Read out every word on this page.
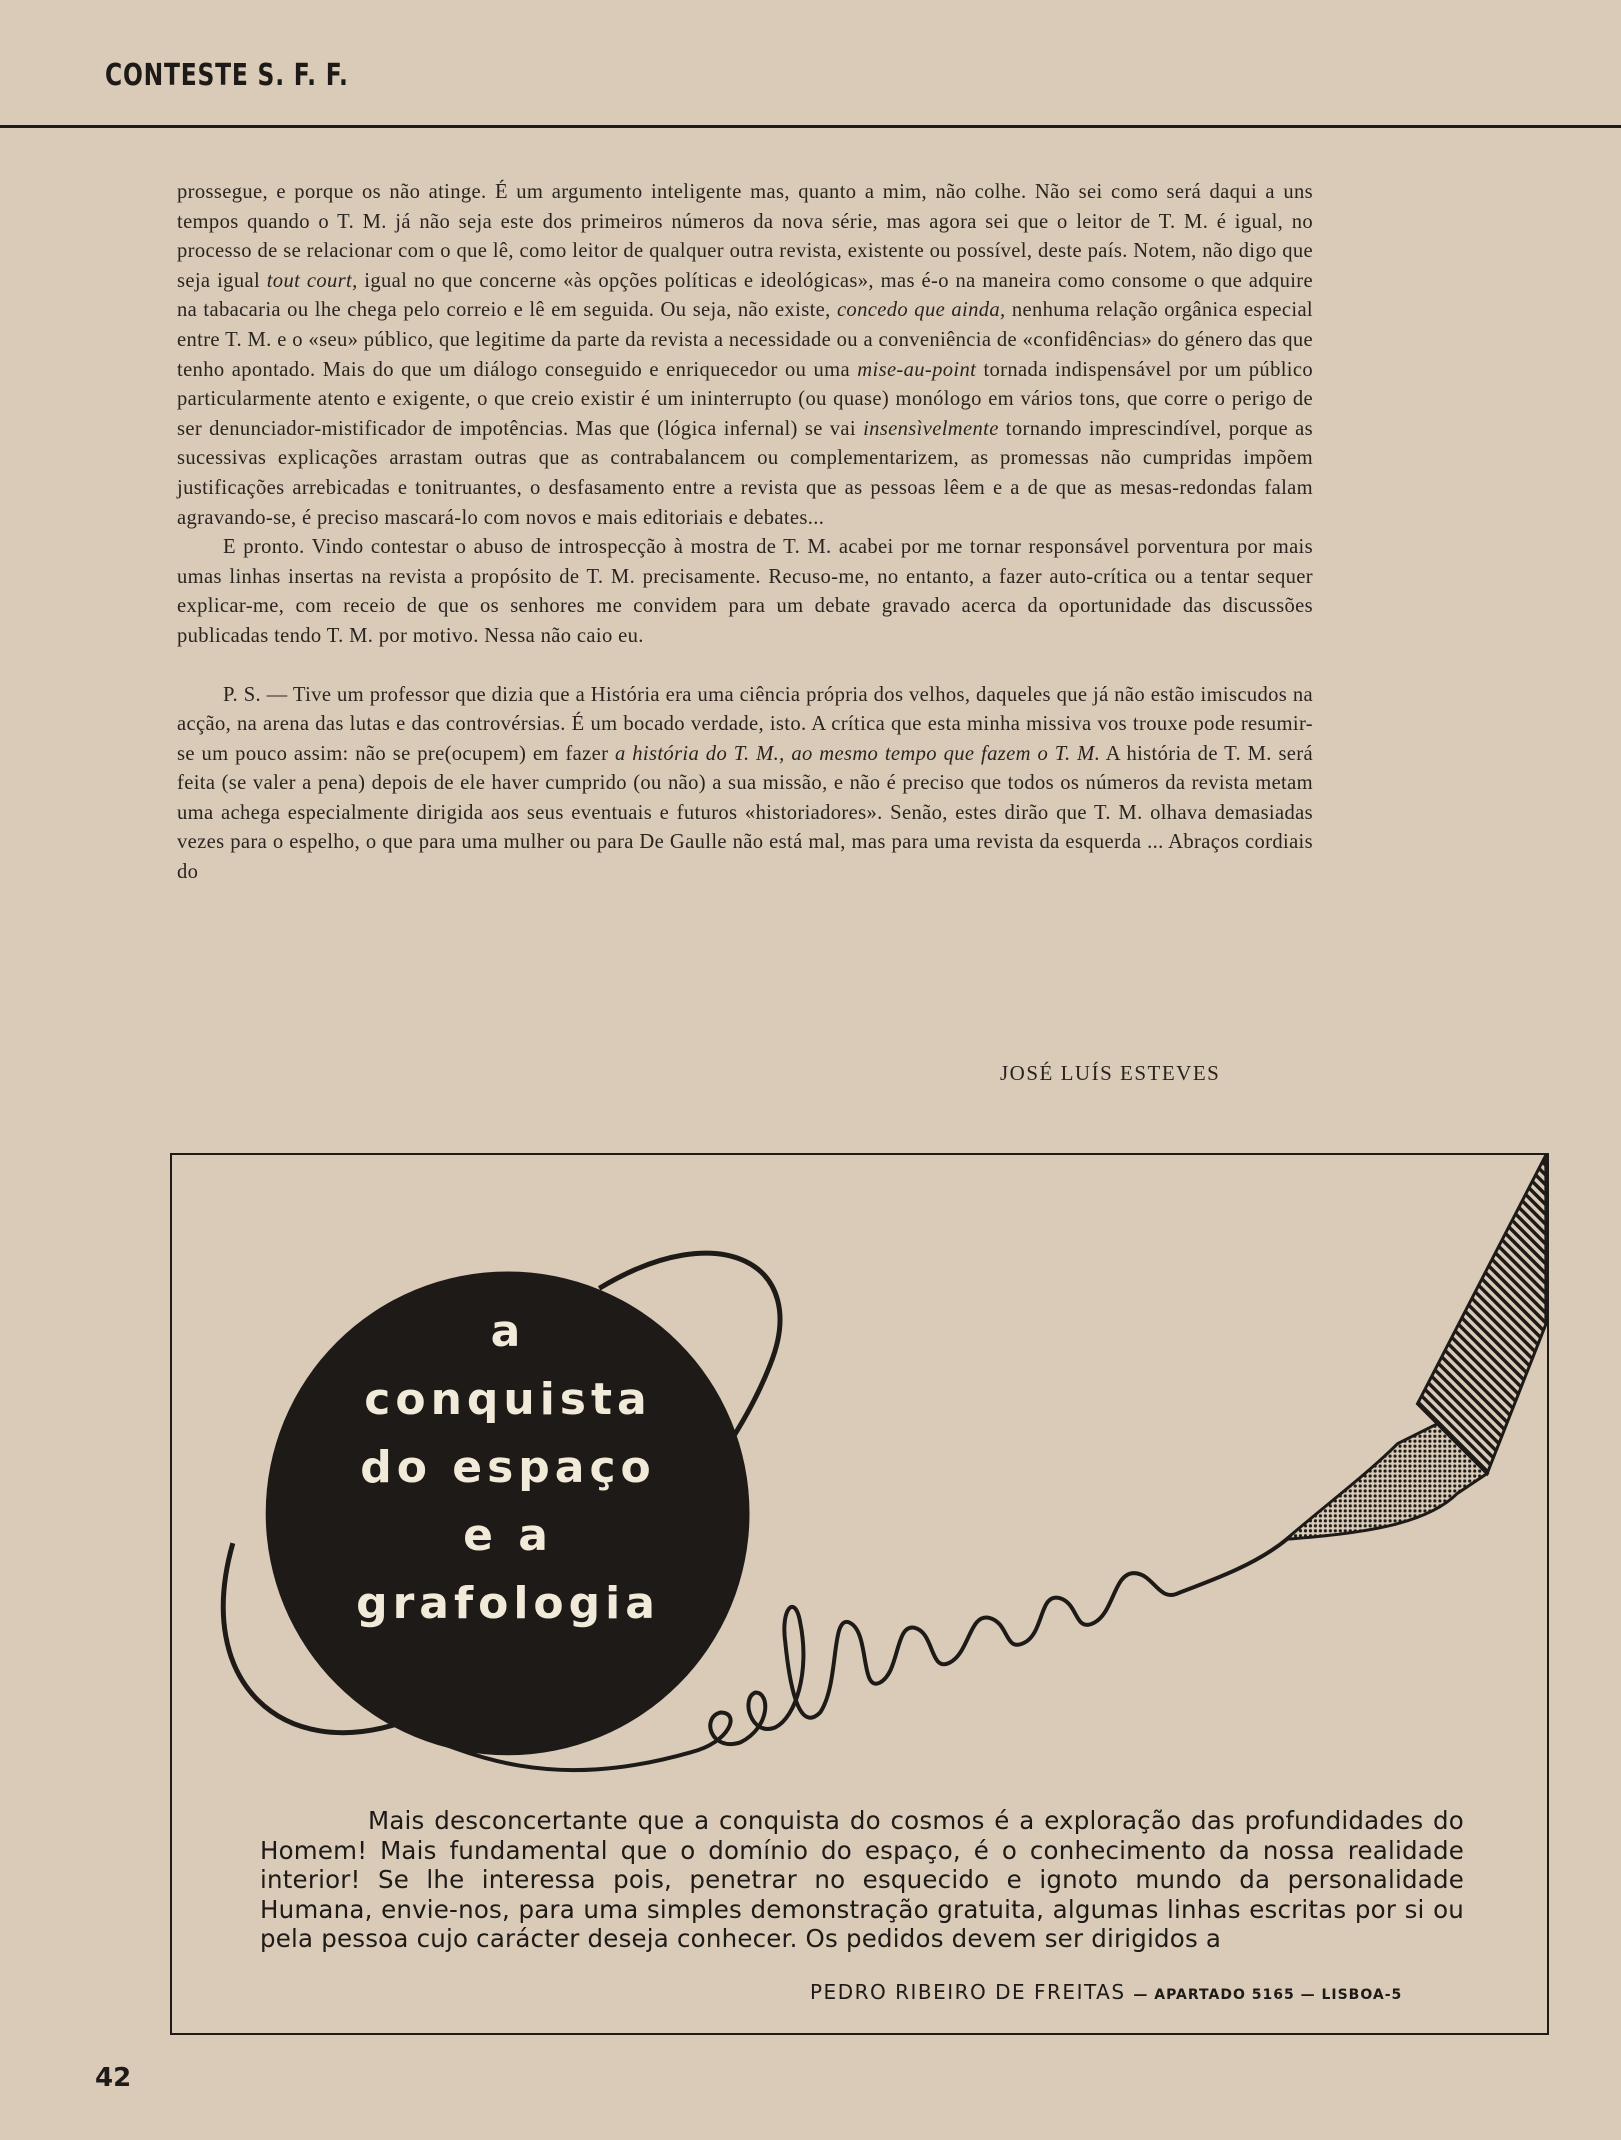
CONTESTE S. F. F.

prossegue, e porque os não atinge. É um argumento inteligente mas, quanto a mim, não colhe. Não sei como será daqui a uns tempos quando o T. M. já não seja este dos primeiros números da nova série, mas agora sei que o leitor de T. M. é igual, no processo de se relacionar com o que lê, como leitor de qualquer outra revista, existente ou possível, deste país. Notem, não digo que seja igual tout court, igual no que concerne «às opções políticas e ideológicas», mas é-o na maneira como consome o que adquire na tabacaria ou lhe chega pelo correio e lê em seguida. Ou seja, não existe, concedo que ainda, nenhuma relação orgânica especial entre T. M. e o «seu» público, que legitime da parte da revista a necessidade ou a conveniência de «confidências» do género das que tenho apontado. Mais do que um diálogo conseguido e enriquecedor ou uma mise-au-point tornada indispensável por um público particularmente atento e exigente, o que creio existir é um ininterrupto (ou quase) monólogo em vários tons, que corre o perigo de ser denunciador-mistificador de impotências. Mas que (lógica infernal) se vai insensìvelmente tornando imprescindível, porque as sucessivas explicações arrastam outras que as contrabalancem ou complementarizem, as promessas não cumpridas impõem justificações arrebicadas e tonitruantes, o desfasamento entre a revista que as pessoas lêem e a de que as mesas-redondas falam agravando-se, é preciso mascará-lo com novos e mais editoriais e debates...

E pronto. Vindo contestar o abuso de introspecção à mostra de T. M. acabei por me tornar responsável porventura por mais umas linhas insertas na revista a propósito de T. M. precisamente. Recuso-me, no entanto, a fazer auto-crítica ou a tentar sequer explicar-me, com receio de que os senhores me convidem para um debate gravado acerca da oportunidade das discussões publicadas tendo T. M. por motivo. Nessa não caio eu.

P. S. — Tive um professor que dizia que a História era uma ciência própria dos velhos, daqueles que já não estão imiscudos na acção, na arena das lutas e das controvérsias. É um bocado verdade, isto. A crítica que esta minha missiva vos trouxe pode resumir-se um pouco assim: não se pre(ocupem) em fazer a história do T. M., ao mesmo tempo que fazem o T. M. A história de T. M. será feita (se valer a pena) depois de ele haver cumprido (ou não) a sua missão, e não é preciso que todos os números da revista metam uma achega especialmente dirigida aos seus eventuais e futuros «historiadores». Senão, estes dirão que T. M. olhava demasiadas vezes para o espelho, o que para uma mulher ou para De Gaulle não está mal, mas para uma revista da esquerda ... Abraços cordiais do

JOSÉ LUÍS ESTEVES
a
conquista
do espaço
e a
grafologia

Mais desconcertante que a conquista do cosmos é a exploração das profundidades do Homem! Mais fundamental que o domínio do espaço, é o conhecimento da nossa realidade interior! Se lhe interessa pois, penetrar no esquecido e ignoto mundo da personalidade Humana, envie-nos, para uma simples demonstração gratuita, algumas linhas escritas por si ou pela pessoa cujo carácter deseja conhecer. Os pedidos devem ser dirigidos a

PEDRO RIBEIRO DE FREITAS — APARTADO 5165 — LISBOA-5
42
